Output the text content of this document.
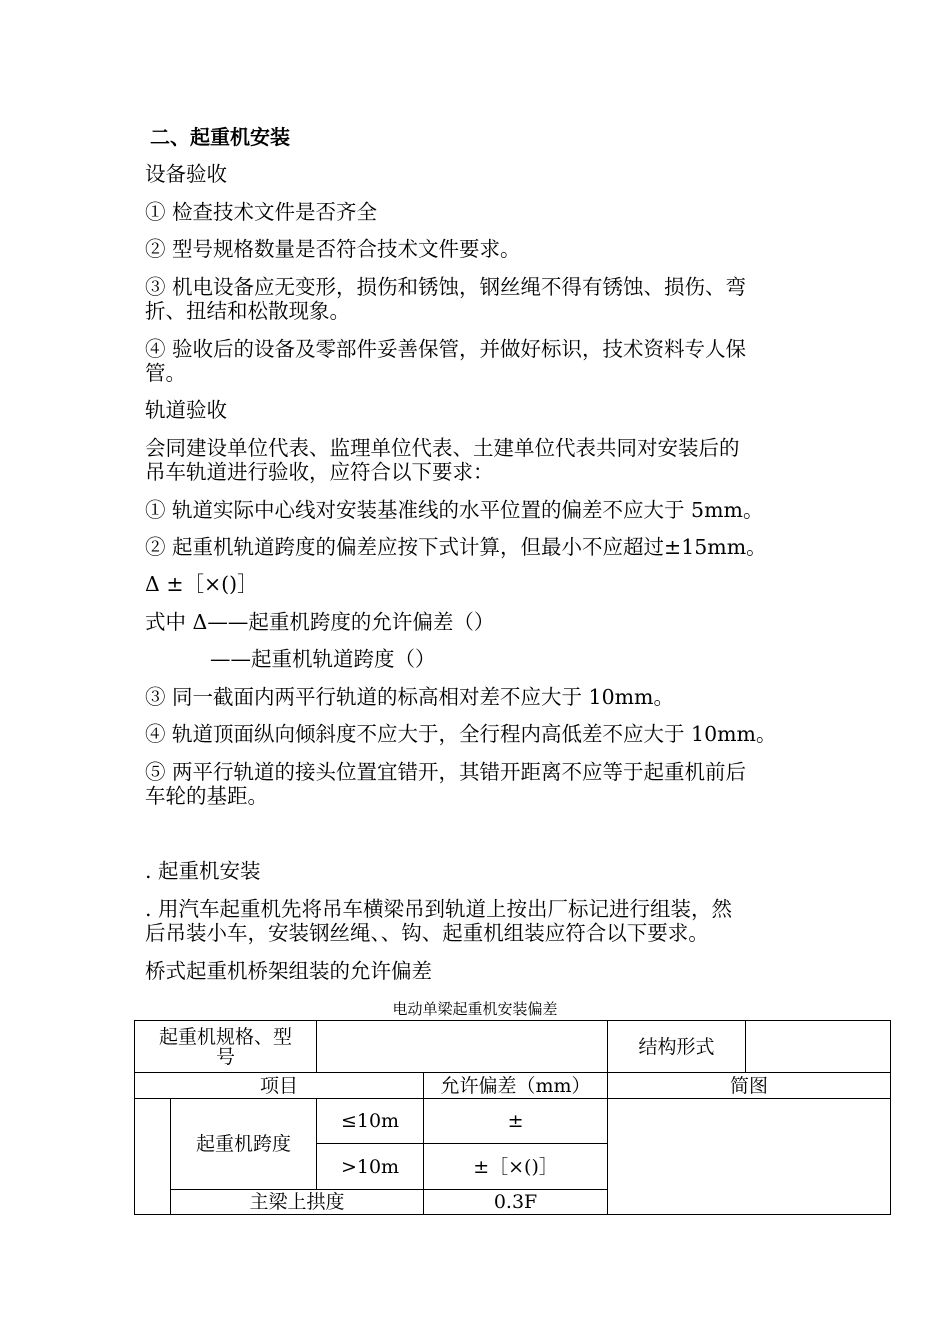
二、起重机安装
设备验收
① 检查技术文件是否齐全
② 型号规格数量是否符合技术文件要求。
③ 机电设备应无变形，损伤和锈蚀，钢丝绳不得有锈蚀、损伤、弯
折、扭结和松散现象。
④ 验收后的设备及零部件妥善保管，并做好标识，技术资料专人保
管。
轨道验收
会同建设单位代表、监理单位代表、土建单位代表共同对安装后的
吊车轨道进行验收，应符合以下要求：
① 轨道实际中心线对安装基准线的水平位置的偏差不应大于 5mm。
② 起重机轨道跨度的偏差应按下式计算，但最小不应超过±15mm。
Δ ±［×()］
式中 Δ——起重机跨度的允许偏差（）
——起重机轨道跨度（）
③ 同一截面内两平行轨道的标高相对差不应大于 10mm。
④ 轨道顶面纵向倾斜度不应大于，全行程内高低差不应大于 10mm。
⑤ 两平行轨道的接头位置宜错开，其错开距离不应等于起重机前后
车轮的基距。
. 起重机安装
. 用汽车起重机先将吊车横梁吊到轨道上按出厂标记进行组装，然
后吊装小车，安装钢丝绳、、钩、起重机组装应符合以下要求。
桥式起重机桥架组装的允许偏差
电动单梁起重机安装偏差
起重机规格、型
号				结构形式	
项目			允许偏差（mm）	简图	
	起重机跨度	≤10m	±		
		>10m	±［×()］		
	主梁上拱度		0.3F		
